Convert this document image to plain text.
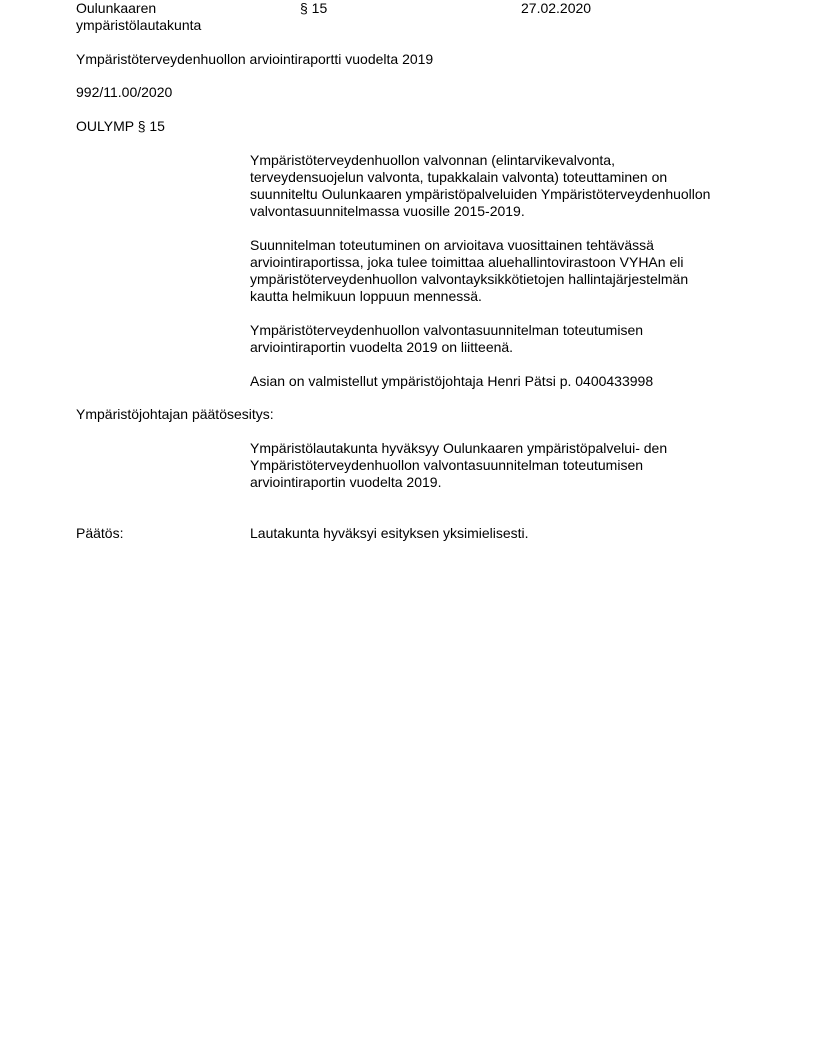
Oulunkaaren
ympäristölautakunta
§ 15	27.02.2020
Ympäristöterveydenhuollon arviointiraportti vuodelta 2019
992/11.00/2020
OULYMP § 15
Ympäristöterveydenhuollon valvonnan (elintarvikevalvonta,
terveydensuojelun valvonta, tupakkalain valvonta) toteuttaminen on
suunniteltu Oulunkaaren ympäristöpalveluiden Ympäristöterveydenhuollon
valvontasuunnitelmassa vuosille 2015-2019.
Suunnitelman toteutuminen on arvioitava vuosittainen tehtävässä
arviointiraportissa, joka tulee toimittaa aluehallintovirastoon VYHAn eli
ympäristöterveydenhuollon valvontayksikkötietojen hallintajärjestelmän
kautta helmikuun loppuun mennessä.
Ympäristöterveydenhuollon valvontasuunnitelman toteutumisen
arviointiraportin vuodelta 2019 on liitteenä.
Asian on valmistellut ympäristöjohtaja Henri Pätsi p. 0400433998
Ympäristöjohtajan päätösesitys:
Ympäristölautakunta hyväksyy Oulunkaaren ympäristöpalvelui- den
Ympäristöterveydenhuollon valvontasuunnitelman toteutumisen
arviointiraportin vuodelta 2019.
Päätös:	Lautakunta hyväksyi esityksen yksimielisesti.
